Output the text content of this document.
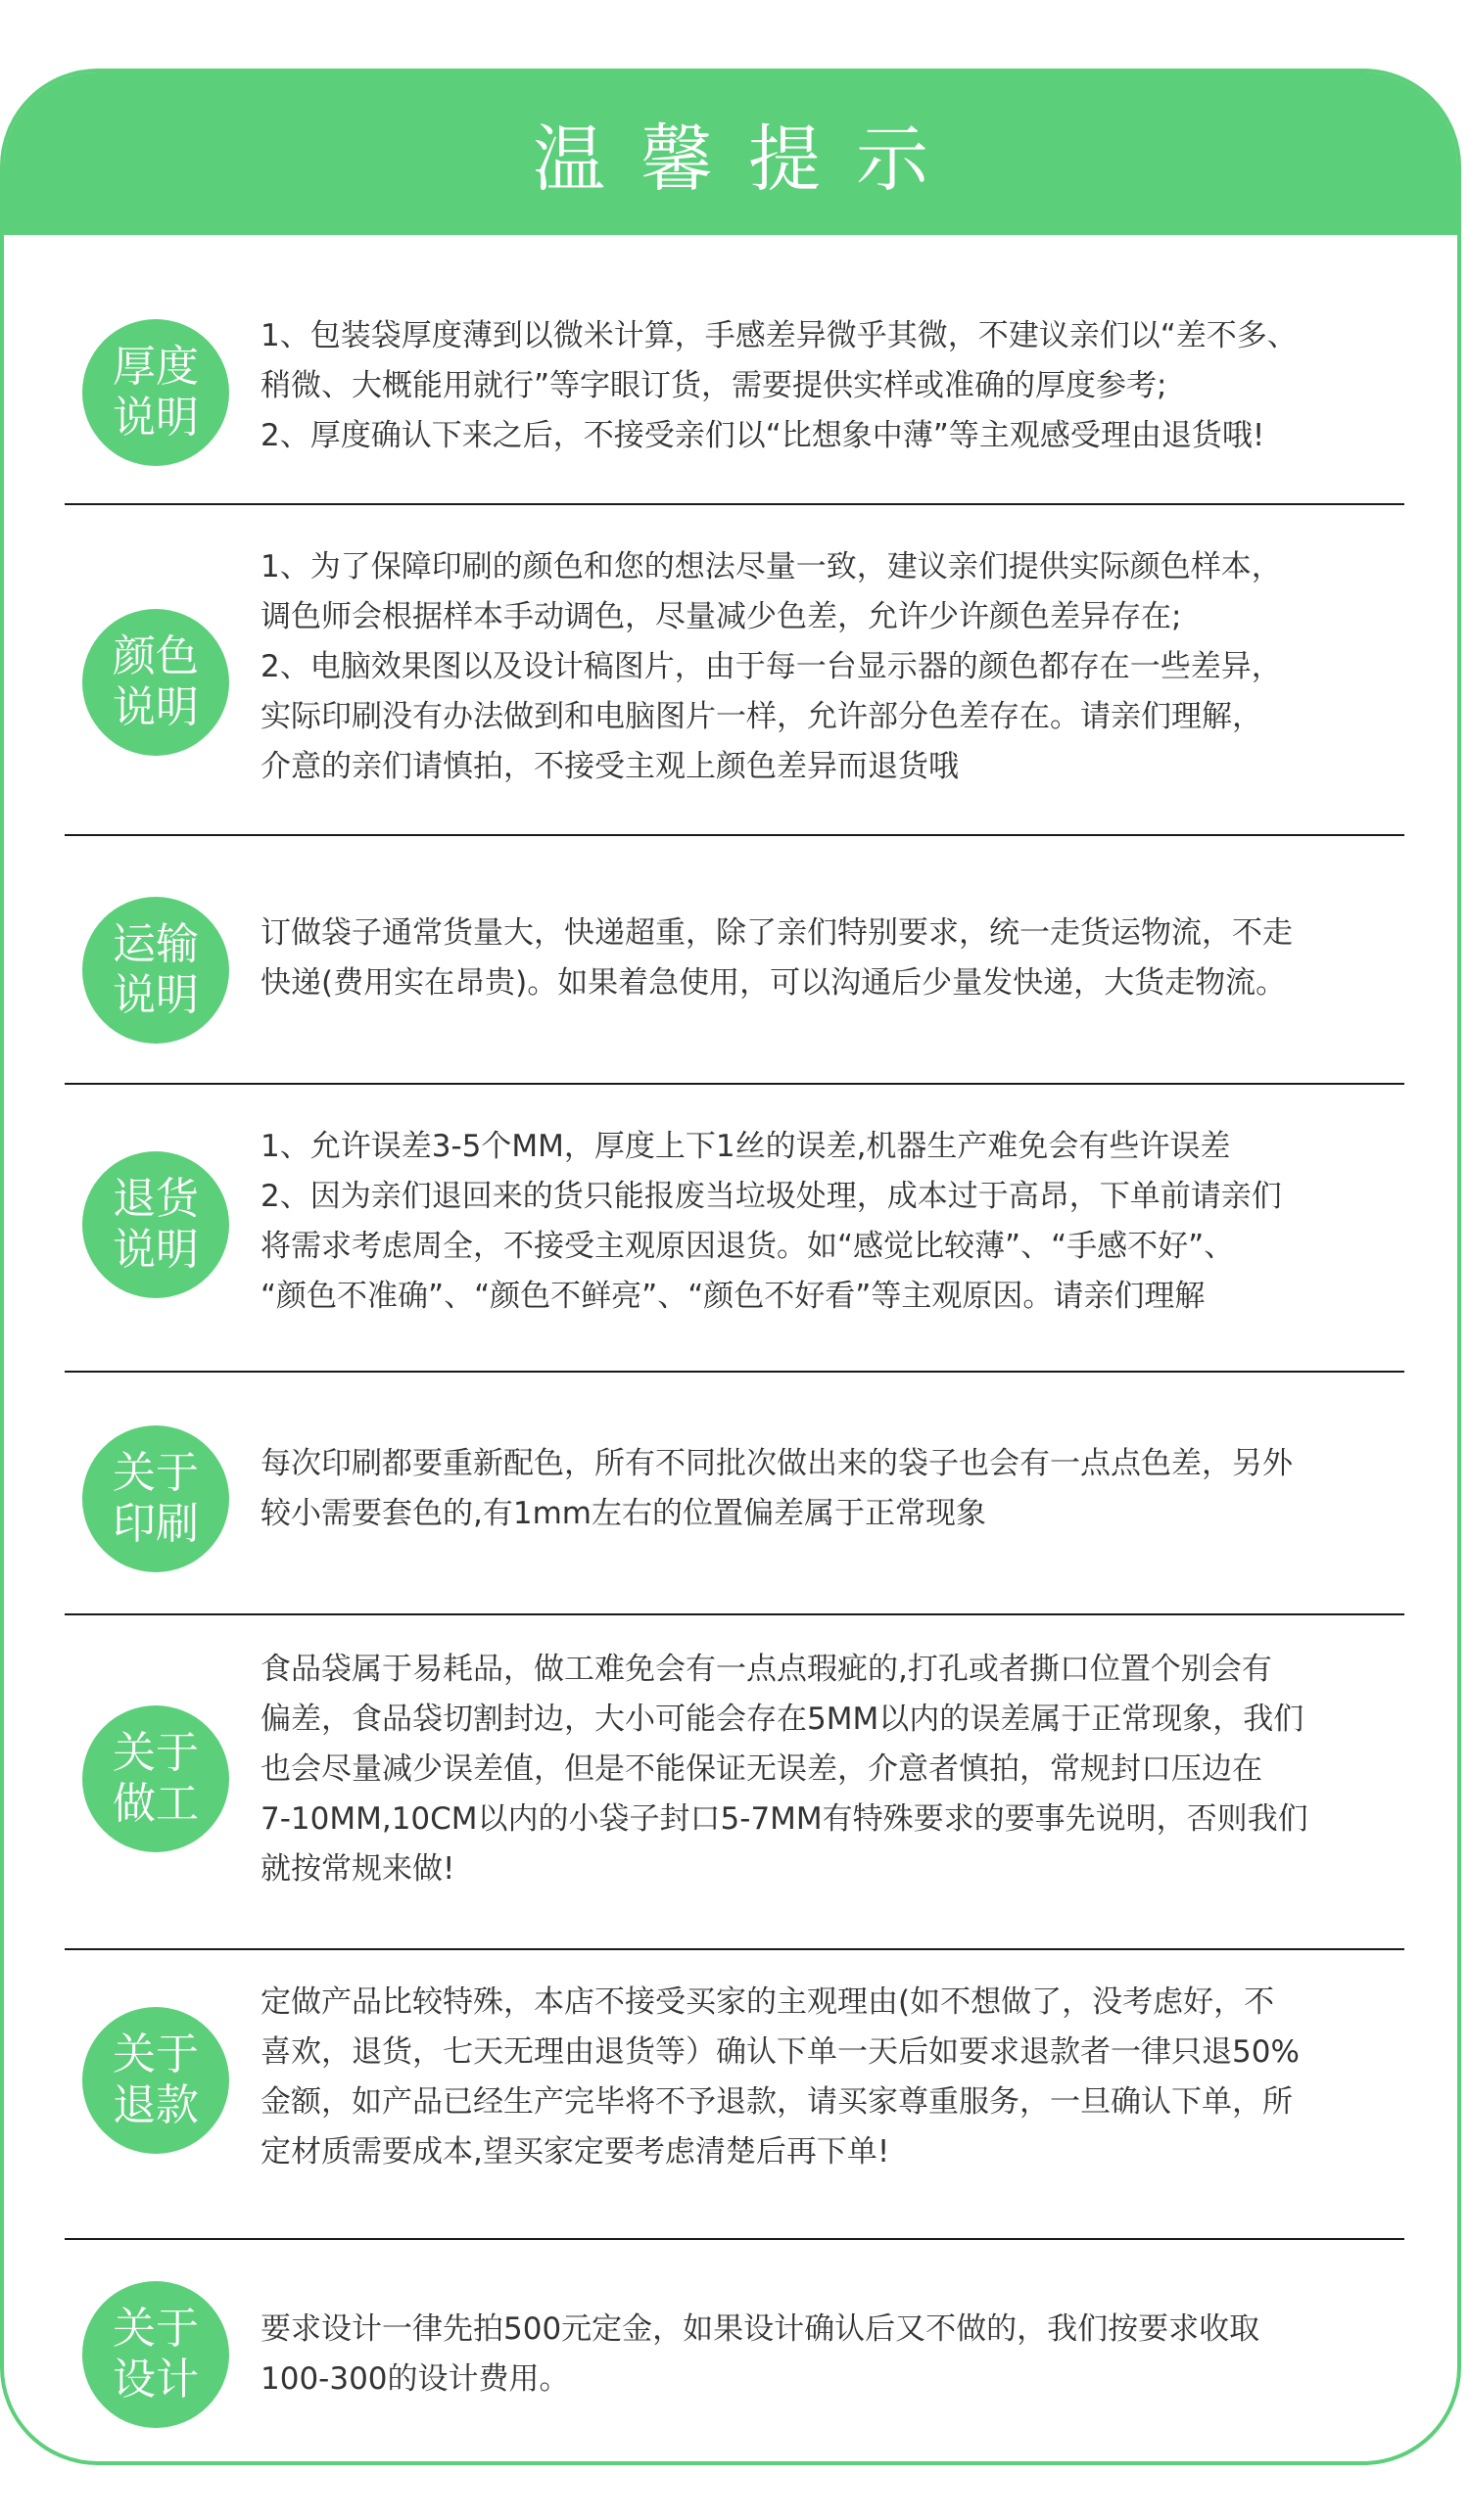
温馨提示
厚度
说明
1、包装袋厚度薄到以微米计算，手感差异微乎其微，不建议亲们以“差不多、
稍微、大概能用就行”等字眼订货，需要提供实样或准确的厚度参考;
2、厚度确认下来之后，不接受亲们以“比想象中薄”等主观感受理由退货哦!
颜色
说明
1、为了保障印刷的颜色和您的想法尽量一致，建议亲们提供实际颜色样本，
调色师会根据样本手动调色，尽量减少色差，允许少许颜色差异存在;
2、电脑效果图以及设计稿图片，由于每一台显示器的颜色都存在一些差异，
实际印刷没有办法做到和电脑图片一样，允许部分色差存在。请亲们理解，
介意的亲们请慎拍，不接受主观上颜色差异而退货哦
运输
说明
订做袋子通常货量大，快递超重，除了亲们特别要求，统一走货运物流，不走
快递(费用实在昂贵)。如果着急使用，可以沟通后少量发快递，大货走物流。
退货
说明
1、允许误差3-5个MM，厚度上下1丝的误差,机器生产难免会有些许误差
2、因为亲们退回来的货只能报废当垃圾处理，成本过于高昂，下单前请亲们
将需求考虑周全，不接受主观原因退货。如“感觉比较薄”、“手感不好”、
“颜色不准确”、“颜色不鲜亮”、“颜色不好看”等主观原因。请亲们理解
关于
印刷
每次印刷都要重新配色，所有不同批次做出来的袋子也会有一点点色差，另外
较小需要套色的,有1mm左右的位置偏差属于正常现象
关于
做工
食品袋属于易耗品，做工难免会有一点点瑕疵的,打孔或者撕口位置个别会有
偏差，食品袋切割封边，大小可能会存在5MM以内的误差属于正常现象，我们
也会尽量减少误差值，但是不能保证无误差，介意者慎拍，常规封口压边在
7-10MM,10CM以内的小袋子封口5-7MM有特殊要求的要事先说明，否则我们
就按常规来做!
关于
退款
定做产品比较特殊，本店不接受买家的主观理由(如不想做了，没考虑好，不
喜欢，退货，七天无理由退货等）确认下单一天后如要求退款者一律只退50%
金额，如产品已经生产完毕将不予退款，请买家尊重服务，一旦确认下单，所
定材质需要成本,望买家定要考虑清楚后再下单!
关于
设计
要求设计一律先拍500元定金，如果设计确认后又不做的，我们按要求收取
100-300的设计费用。
